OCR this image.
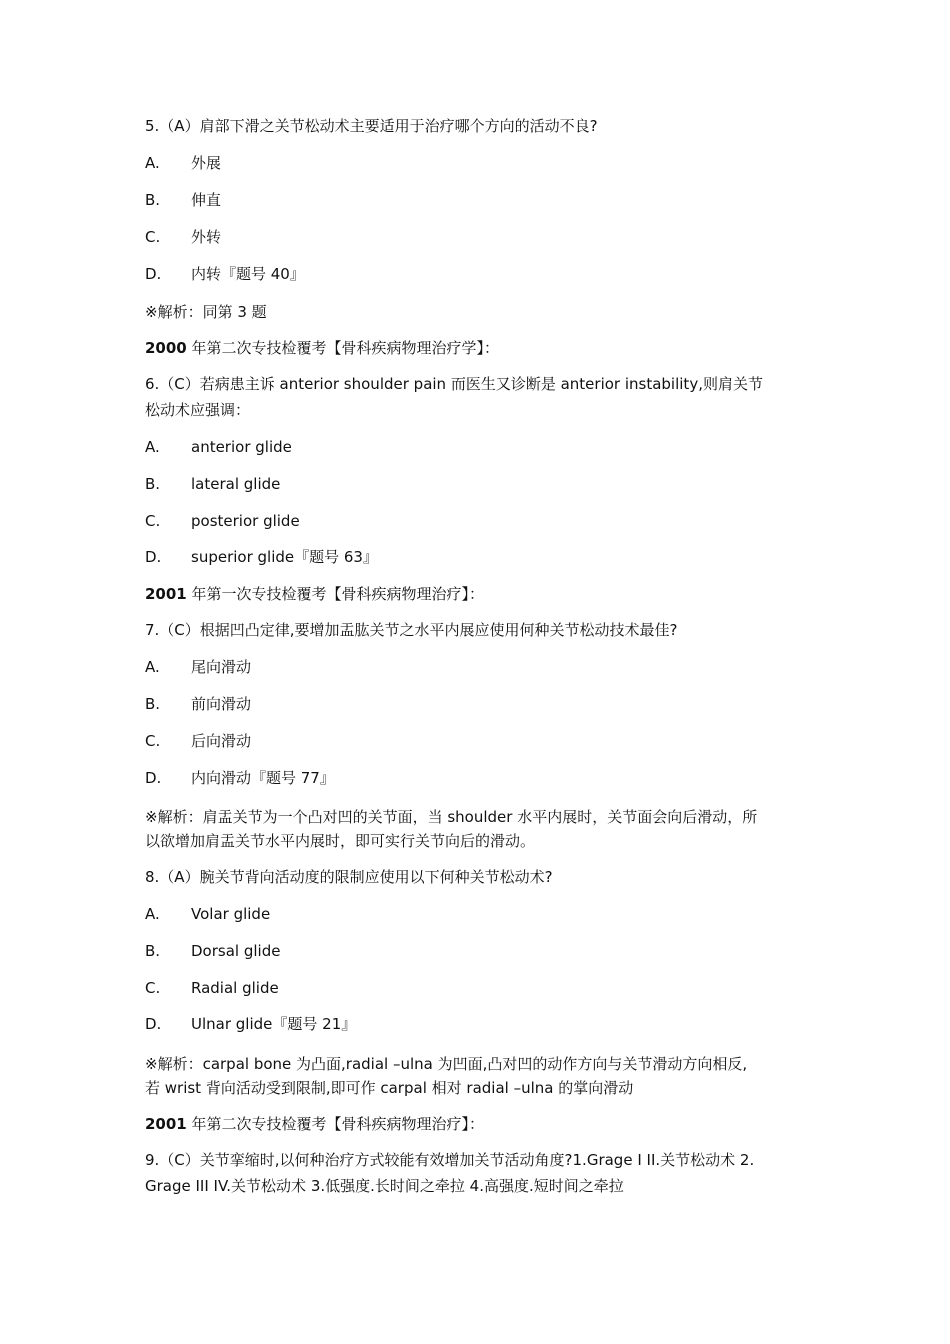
5.（A）肩部下滑之关节松动术主要适用于治疗哪个方向的活动不良?
A. 外展
B. 伸直
C. 外转
D. 内转『题号 40』
※解析：同第 3 题
2000 年第二次专技检覆考【骨科疾病物理治疗学】：
6.（C）若病患主诉 anterior shoulder pain 而医生又诊断是 anterior instability,则肩关节
松动术应强调：
A. anterior glide
B. lateral glide
C. posterior glide
D. superior glide『题号 63』
2001 年第一次专技检覆考【骨科疾病物理治疗】：
7.（C）根据凹凸定律,要增加盂肱关节之水平内展应使用何种关节松动技术最佳?
A. 尾向滑动
B. 前向滑动
C. 后向滑动
D. 内向滑动『题号 77』
※解析：肩盂关节为一个凸对凹的关节面，当 shoulder 水平内展时，关节面会向后滑动，所
以欲增加肩盂关节水平内展时，即可实行关节向后的滑动。
8.（A）腕关节背向活动度的限制应使用以下何种关节松动术?
A. Volar glide
B. Dorsal glide
C. Radial glide
D. Ulnar glide『题号 21』
※解析：carpal bone 为凸面,radial –ulna 为凹面,凸对凹的动作方向与关节滑动方向相反,
若 wrist 背向活动受到限制,即可作 carpal 相对 radial –ulna 的掌向滑动
2001 年第二次专技检覆考【骨科疾病物理治疗】：
9.（C）关节挛缩时,以何种治疗方式较能有效增加关节活动角度?1.Grage I II.关节松动术 2.
Grage III IV.关节松动术 3.低强度.长时间之牵拉 4.高强度.短时间之牵拉
